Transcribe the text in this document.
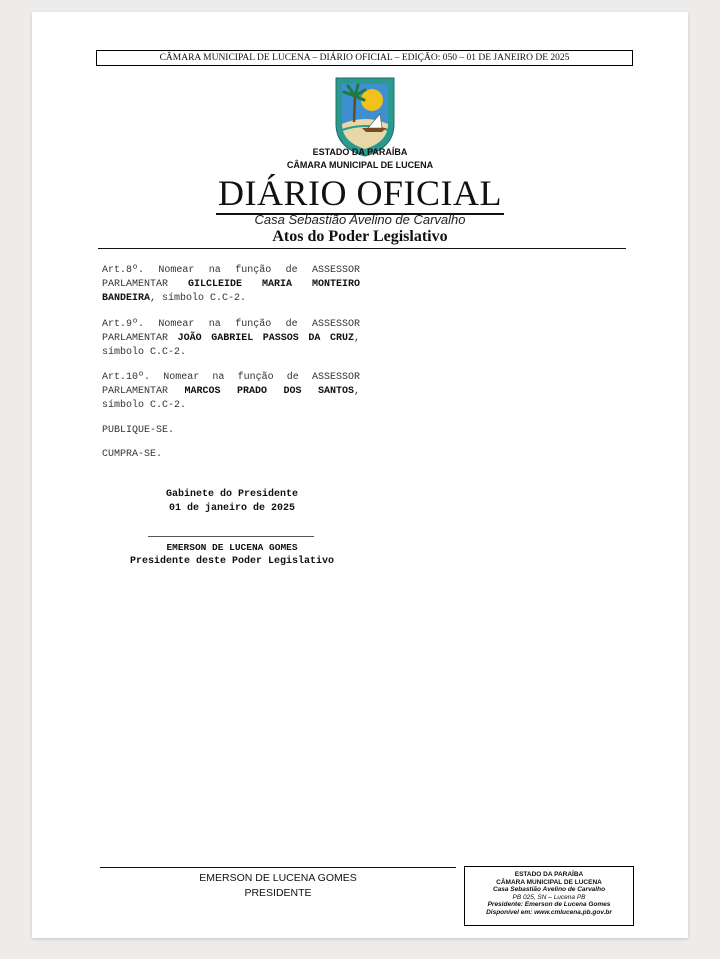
CÂMARA MUNICIPAL DE LUCENA – DIÁRIO OFICIAL – EDIÇÃO: 050 – 01 DE JANEIRO DE 2025
ESTADO DA PARAÍBA
CÂMARA MUNICIPAL DE LUCENA
DIÁRIO OFICIAL
Casa Sebastião Avelino de Carvalho
Atos do Poder Legislativo
Art.8º. Nomear na função de ASSESSOR PARLAMENTAR GILCLEIDE MARIA MONTEIRO BANDEIRA, símbolo C.C-2.
Art.9º. Nomear na função de ASSESSOR PARLAMENTAR JOÃO GABRIEL PASSOS DA CRUZ, símbolo C.C-2.
Art.10º. Nomear na função de ASSESSOR PARLAMENTAR MARCOS PRADO DOS SANTOS, símbolo C.C-2.
PUBLIQUE-SE.
CUMPRA-SE.
Gabinete do Presidente
01 de janeiro de 2025
EMERSON DE LUCENA GOMES
Presidente deste Poder Legislativo
EMERSON DE LUCENA GOMES
PRESIDENTE
ESTADO DA PARAÍBA
CÂMARA MUNICIPAL DE LUCENA
Casa Sebastião Avelino de Carvalho
PB 025, SN – Lucena PB
Presidente: Emerson de Lucena Gomes
Disponível em: www.cmlucena.pb.gov.br
